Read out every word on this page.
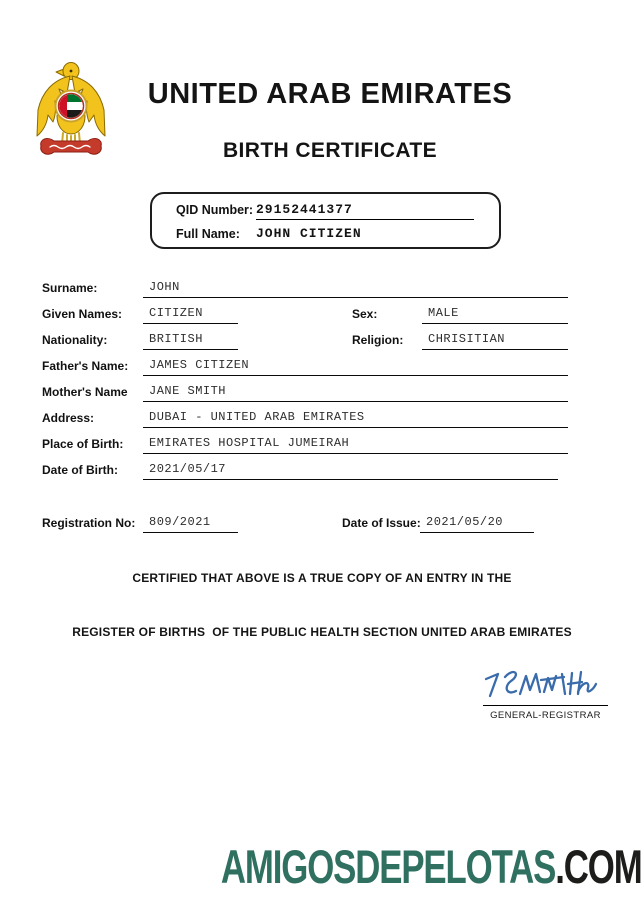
UNITED ARAB EMIRATES
BIRTH CERTIFICATE
QID Number: 29152441377
Full Name: JOHN CITIZEN
Surname:	JOHN
Given Names:	CITIZEN	Sex:	MALE
Nationality:	BRITISH	Religion:	CHRISITIAN
Father's Name:	JAMES CITIZEN
Mother's Name	JANE SMITH
Address:	DUBAI - UNITED ARAB EMIRATES
Place of Birth:	EMIRATES HOSPITAL JUMEIRAH
Date of Birth:	2021/05/17
Registration No:	809/2021	Date of Issue: 2021/05/20
CERTIFIED THAT ABOVE IS A TRUE COPY OF AN ENTRY IN THE
REGISTER OF BIRTHS  OF THE PUBLIC HEALTH SECTION UNITED ARAB EMIRATES
GENERAL-REGISTRAR
AMIGOSDEPELOTAS.COM
